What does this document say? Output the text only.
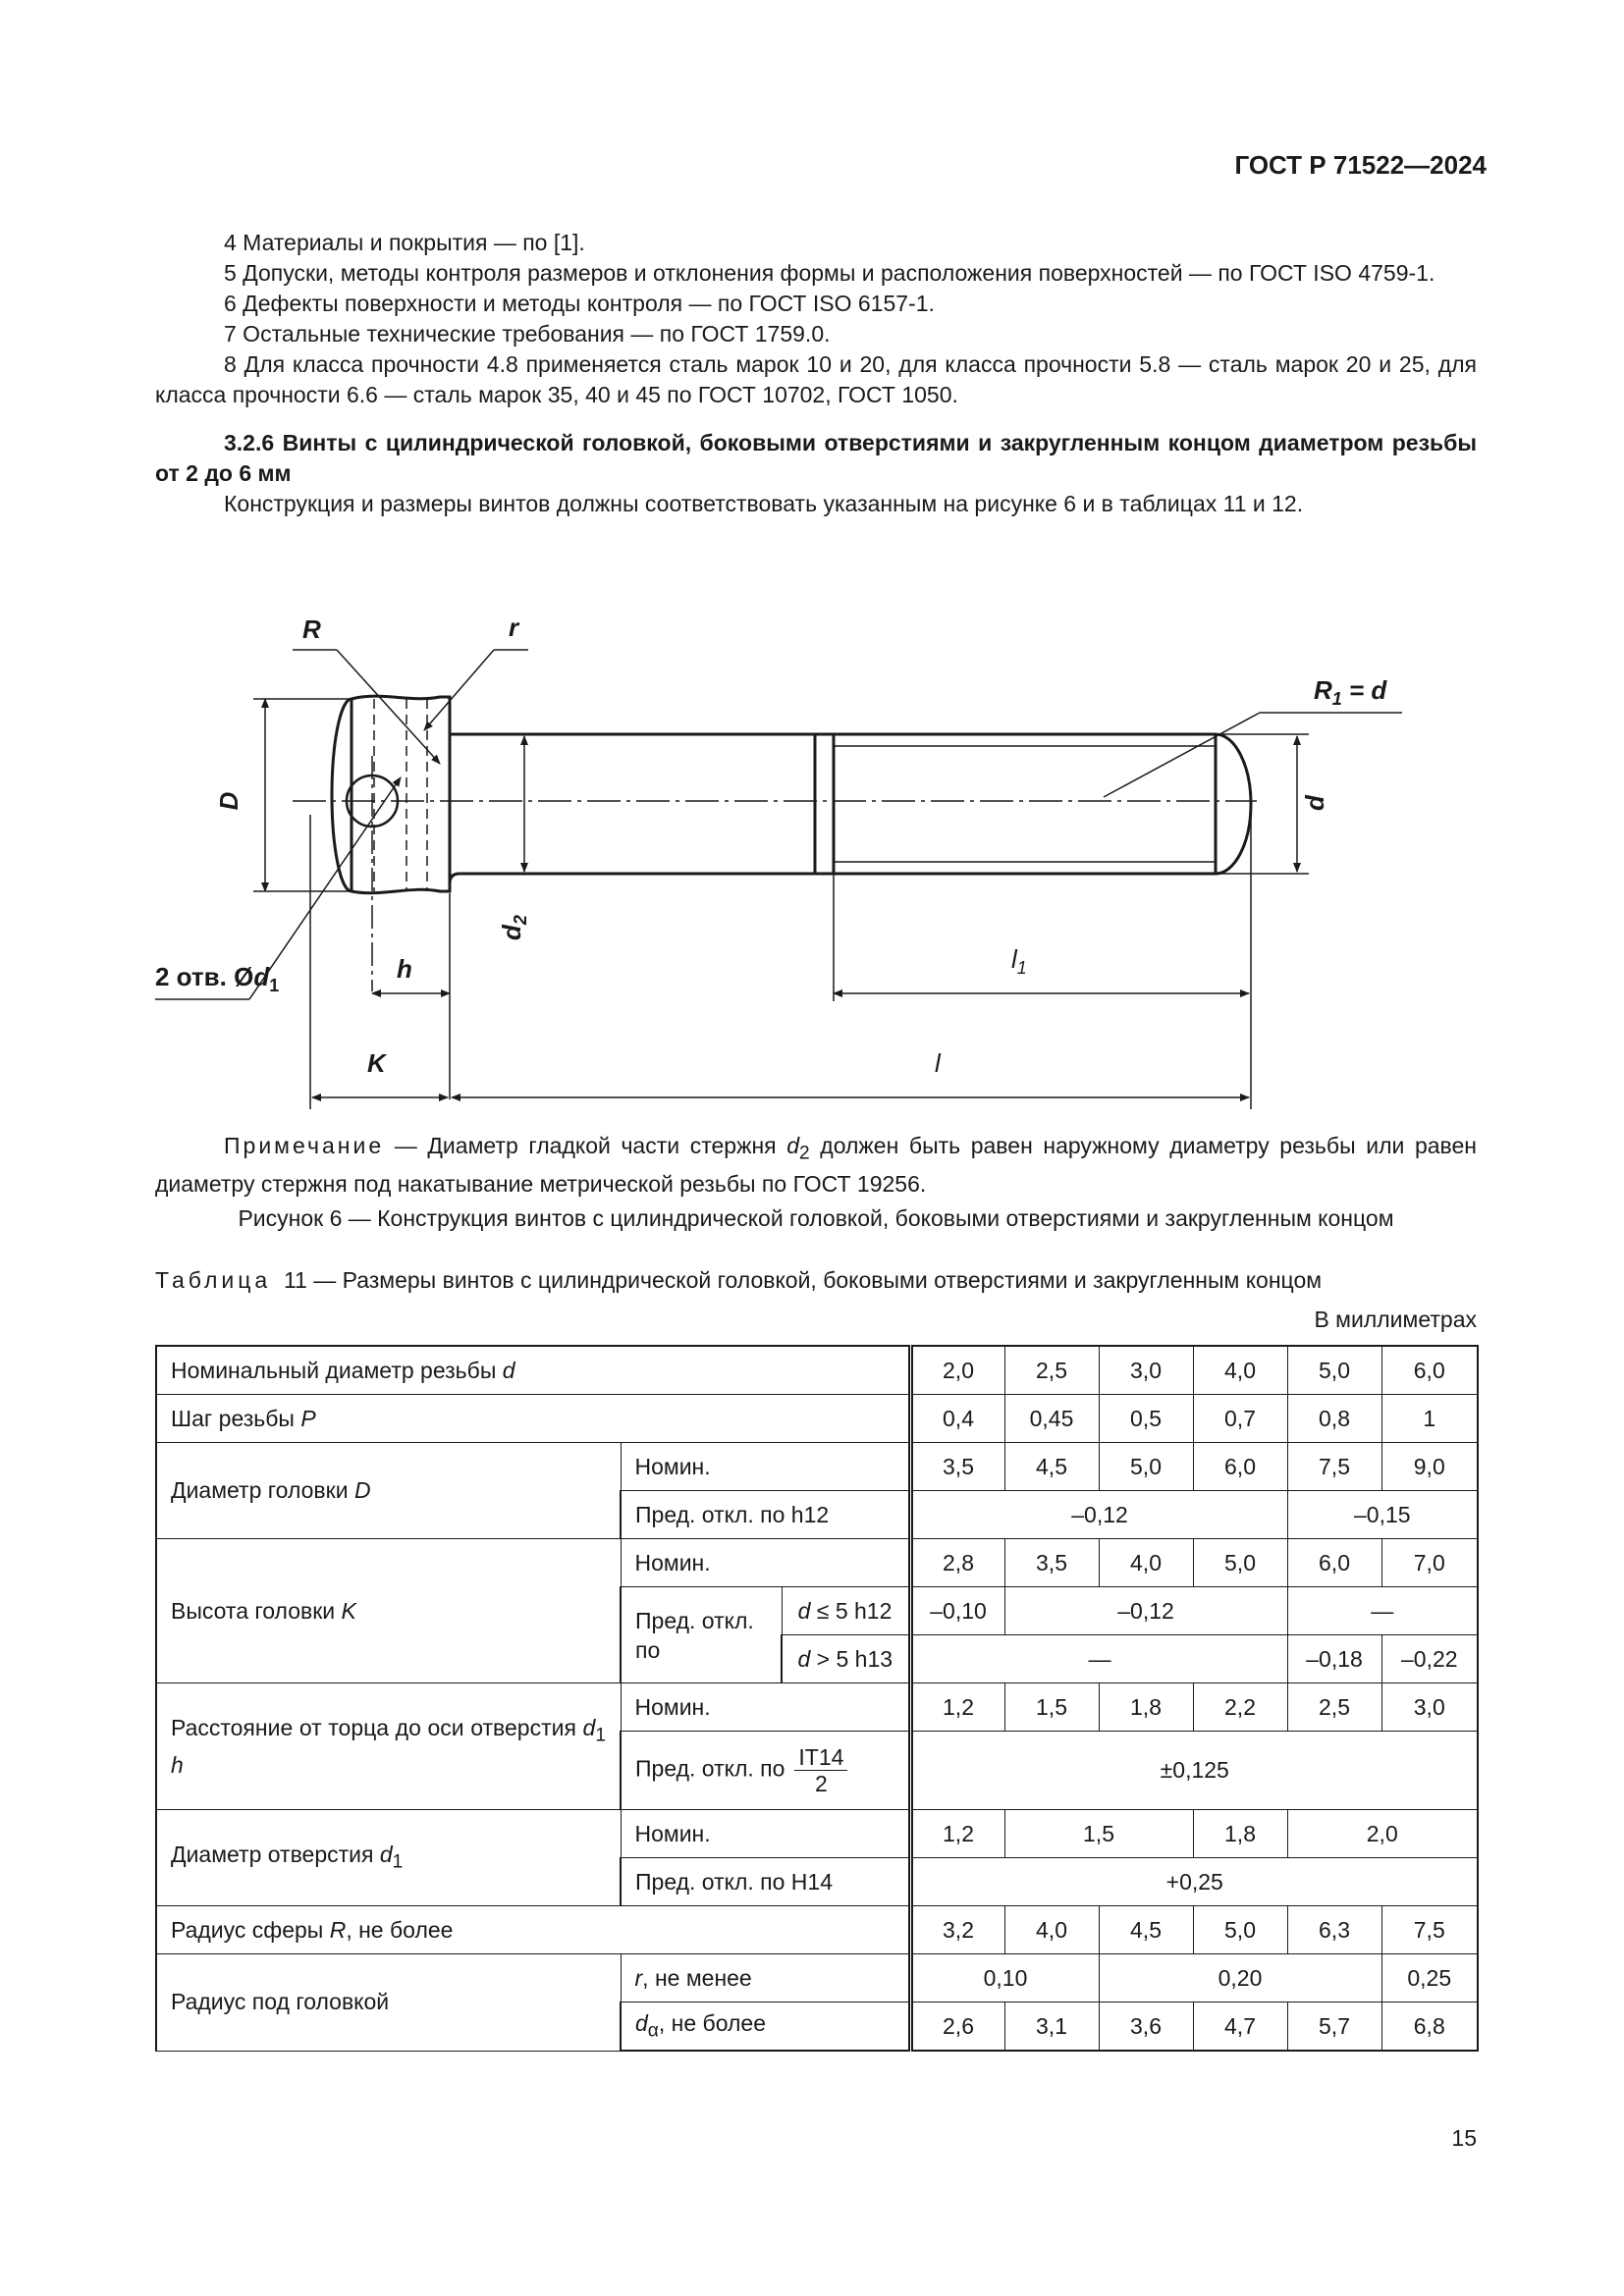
ГОСТ Р 71522—2024

4 Материалы и покрытия — по [1].

5 Допуски, методы контроля размеров и отклонения формы и расположения поверхностей — по ГОСТ ISO 4759-1.

6 Дефекты поверхности и методы контроля — по ГОСТ ISO 6157-1.

7 Остальные технические требования — по ГОСТ 1759.0.

8 Для класса прочности 4.8 применяется сталь марок 10 и 20, для класса прочности 5.8 — сталь марок 20 и 25, для класса прочности 6.6 — сталь марок 35, 40 и 45 по ГОСТ 10702, ГОСТ 1050.

3.2.6 Винты с цилиндрической головкой, боковыми отверстиями и закругленным концом диаметром резьбы от 2 до 6 мм

Конструкция и размеры винтов должны соответствовать указанным на рисунке 6 и в таблицах 11 и 12.

R	r
$R_1 = d$
D	d
$d_2$
2 отв. $Ød_1$
h	$l_1$
K	l
Примечание — Диаметр гладкой части стержня $d_2$ должен быть равен наружному диаметру резьбы или равен диаметру стержня под накатывание метрической резьбы по ГОСТ 19256.
Рисунок 6 — Конструкция винтов с цилиндрической головкой, боковыми отверстиями и закругленным концом
Таблица 11 — Размеры винтов с цилиндрической головкой, боковыми отверстиями и закругленным концом
В миллиметрах
Номинальный диаметр резьбы d			2,0	2,5	3,0	4,0	5,0	6,0
Шаг резьбы P			0,4	0,45	0,5	0,7	0,8	1
Диаметр головки D	Номин.		3,5	4,5	5,0	6,0	7,5	9,0
	Пред. откл. по h12		–0,12				–0,15	
Высота головки K	Номин.		2,8	3,5	4,0	5,0	6,0	7,0
	Пред. откл. по	d ≤ 5 h12	–0,10	–0,12			—	
		d > 5 h13	—				–0,18	–0,22
Расстояние от торца до оси отверстия $d_1$ h	Номин.		1,2	1,5	1,8	2,2	2,5	3,0
	Пред. откл. по $\frac{IT14}{2}$		±0,125					
Диаметр отверстия $d_1$	Номин.		1,2	1,5		1,8	2,0	
	Пред. откл. по H14		+0,25					
Радиус сферы R, не более			3,2	4,0	4,5	5,0	6,3	7,5
Радиус под головкой	r, не менее		0,10		0,20			0,25
	$d_\alpha$, не более		2,6	3,1	3,6	4,7	5,7	6,8
15
